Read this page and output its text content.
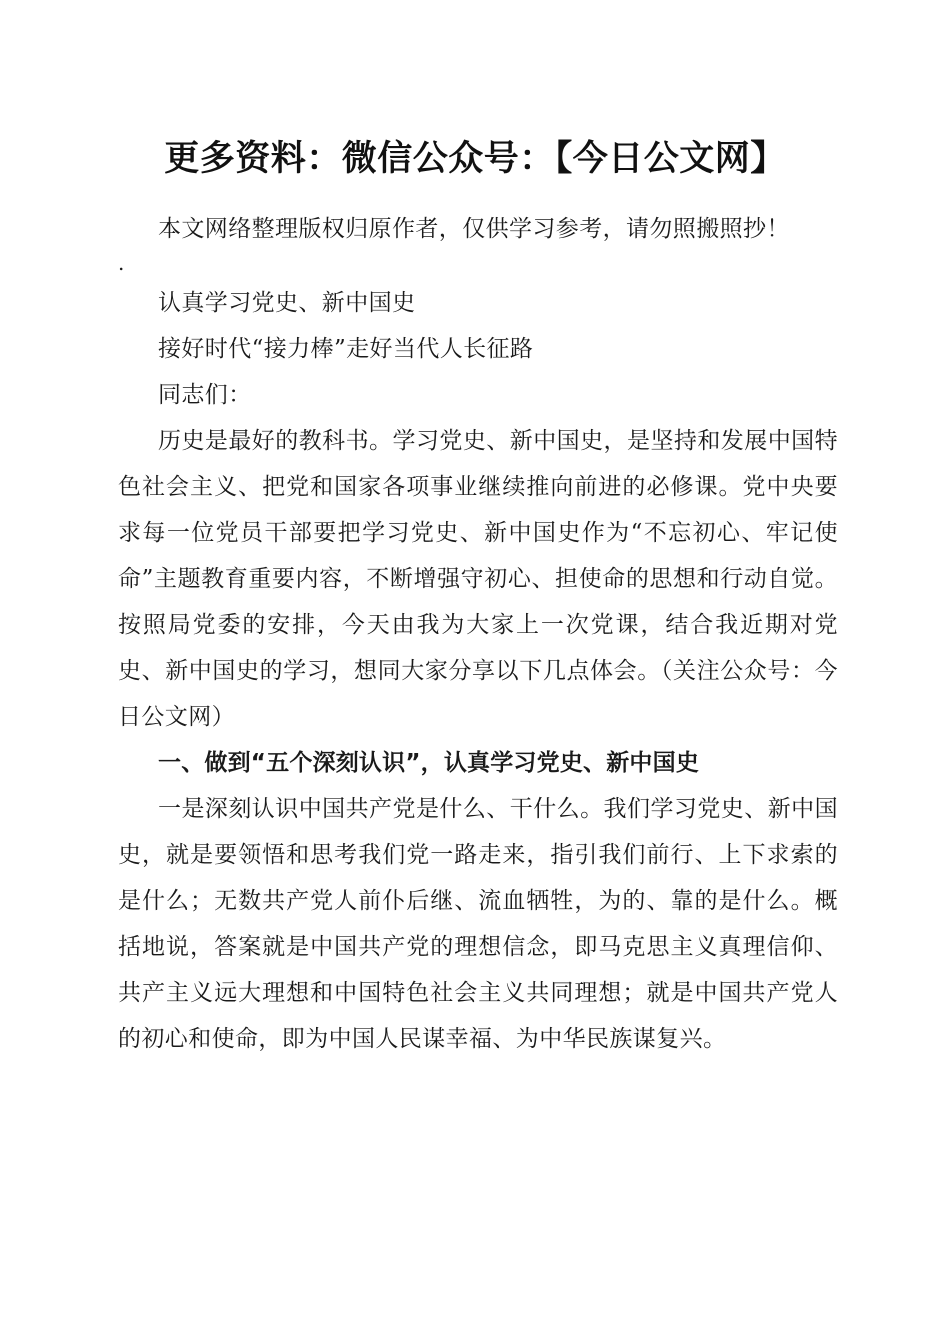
更多资料：微信公众号：【今日公文网】
本文网络整理版权归原作者，仅供学习参考，请勿照搬照抄！
.
认真学习党史、新中国史
接好时代“接力棒”走好当代人长征路
同志们：

历史是最好的教科书。学习党史、新中国史，是坚持和发展中国特色社会主义、把党和国家各项事业继续推向前进的必修课。党中央要求每一位党员干部要把学习党史、新中国史作为“不忘初心、牢记使命”主题教育重要内容，不断增强守初心、担使命的思想和行动自觉。按照局党委的安排，今天由我为大家上一次党课，结合我近期对党史、新中国史的学习，想同大家分享以下几点体会。（关注公众号：今日公文网）

一、做到“五个深刻认识”，认真学习党史、新中国史

一是深刻认识中国共产党是什么、干什么。我们学习党史、新中国史，就是要领悟和思考我们党一路走来，指引我们前行、上下求索的是什么；无数共产党人前仆后继、流血牺牲，为的、靠的是什么。概括地说，答案就是中国共产党的理想信念，即马克思主义真理信仰、共产主义远大理想和中国特色社会主义共同理想；就是中国共产党人的初心和使命，即为中国人民谋幸福、为中华民族谋复兴。
